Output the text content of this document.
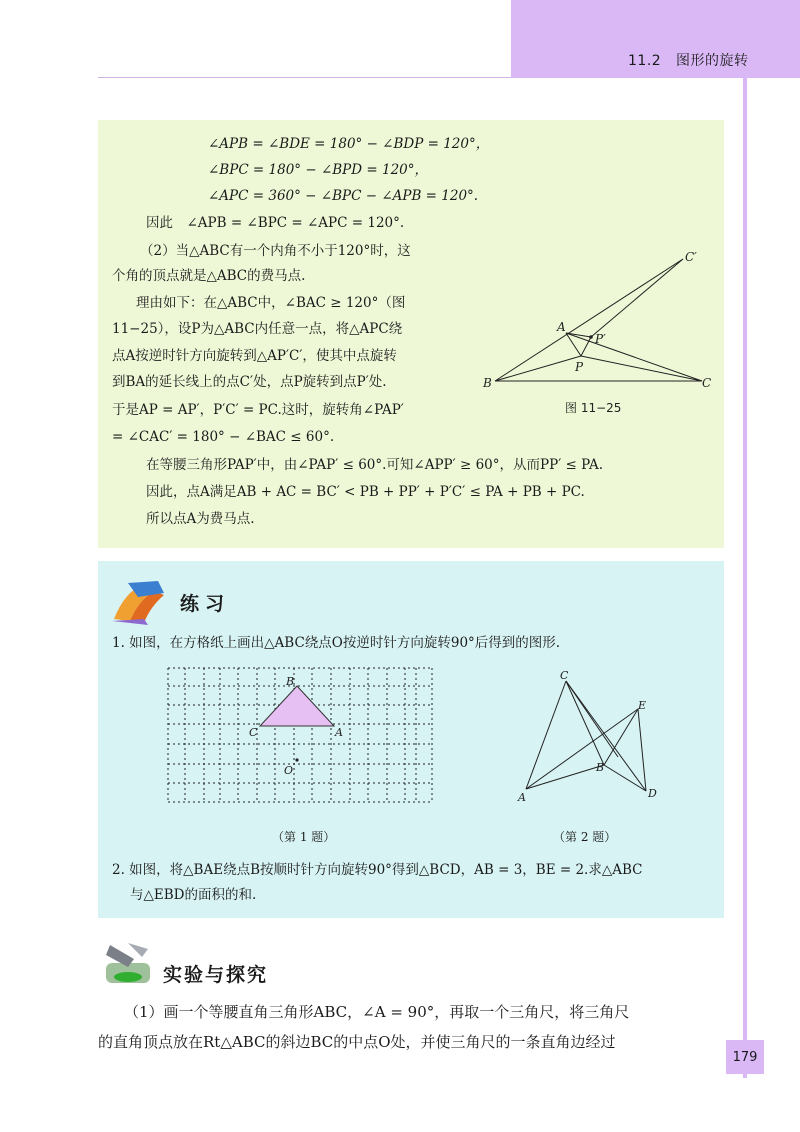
11.2 图形的旋转
∠APB = ∠BDE = 180° − ∠BDP = 120°，
∠BPC = 180° − ∠BPD = 120°，
∠APC = 360° − ∠BPC − ∠APB = 120°.
因此　∠APB = ∠BPC = ∠APC = 120°.
（2）当△ABC有一个内角不小于120°时，这
个角的顶点就是△ABC的费马点.
理由如下：在△ABC中，∠BAC ≥ 120°（图
11−25），设P为△ABC内任意一点，将△APC绕
点A按逆时针方向旋转到△AP′C′，使其中点旋转
到BA的延长线上的点C′处，点P旋转到点P′处.
于是AP = AP′，P′C′ = PC.这时，旋转角∠PAP′
= ∠CAC′ = 180° − ∠BAC ≤ 60°.
在等腰三角形PAP′中，由∠PAP′ ≤ 60°.可知∠APP′ ≥ 60°，从而PP′ ≤ PA.
因此，点A满足AB + AC = BC′ < PB + PP′ + P′C′ ≤ PA + PB + PC.
所以点A为费马点.
C′
A
P′
P
B	C
图 11−25
练习
1. 如图，在方格纸上画出△ABC绕点O按逆时针方向旋转90°后得到的图形.
B
C	A
O
（第 1 题）
C
E
B
A	D
（第 2 题）
2. 如图，将△BAE绕点B按顺时针方向旋转90°得到△BCD，AB = 3，BE = 2.求△ABC
与△EBD的面积的和.
实验与探究
（1）画一个等腰直角三角形ABC，∠A = 90°，再取一个三角尺，将三角尺
的直角顶点放在Rt△ABC的斜边BC的中点O处，并使三角尺的一条直角边经过
179
